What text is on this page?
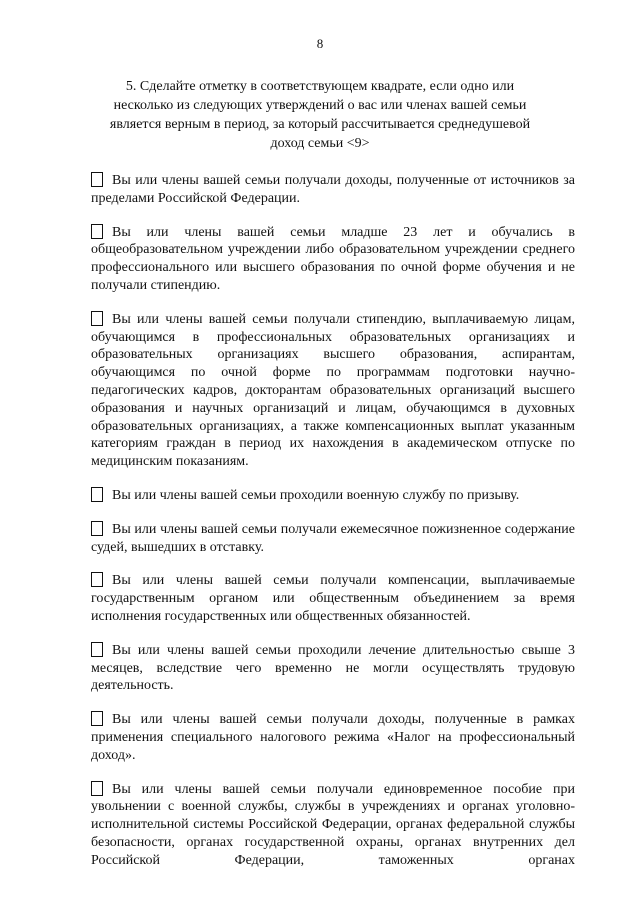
8

5. Сделайте отметку в соответствующем квадрате, если одно или несколько из следующих утверждений о вас или членах вашей семьи является верным в период, за который рассчитывается среднедушевой доход семьи <9>

Вы или члены вашей семьи получали доходы, полученные от источников за пределами Российской Федерации.

Вы или члены вашей семьи младше 23 лет и обучались в общеобразовательном учреждении либо образовательном учреждении среднего профессионального или высшего образования по очной форме обучения и не получали стипендию.

Вы или члены вашей семьи получали стипендию, выплачиваемую лицам, обучающимся в профессиональных образовательных организациях и образовательных организациях высшего образования, аспирантам, обучающимся по очной форме по программам подготовки научно-педагогических кадров, докторантам образовательных организаций высшего образования и научных организаций и лицам, обучающимся в духовных образовательных организациях, а также компенсационных выплат указанным категориям граждан в период их нахождения в академическом отпуске по медицинским показаниям.

Вы или члены вашей семьи проходили военную службу по призыву.

Вы или члены вашей семьи получали ежемесячное пожизненное содержание судей, вышедших в отставку.

Вы или члены вашей семьи получали компенсации, выплачиваемые государственным органом или общественным объединением за время исполнения государственных или общественных обязанностей.

Вы или члены вашей семьи проходили лечение длительностью свыше 3 месяцев, вследствие чего временно не могли осуществлять трудовую деятельность.

Вы или члены вашей семьи получали доходы, полученные в рамках применения специального налогового режима «Налог на профессиональный доход».

Вы или члены вашей семьи получали единовременное пособие при увольнении с военной службы, службы в учреждениях и органах уголовно-исполнительной системы Российской Федерации, органах федеральной службы безопасности, органах государственной охраны, органах внутренних дел Российской Федерации, таможенных органах
